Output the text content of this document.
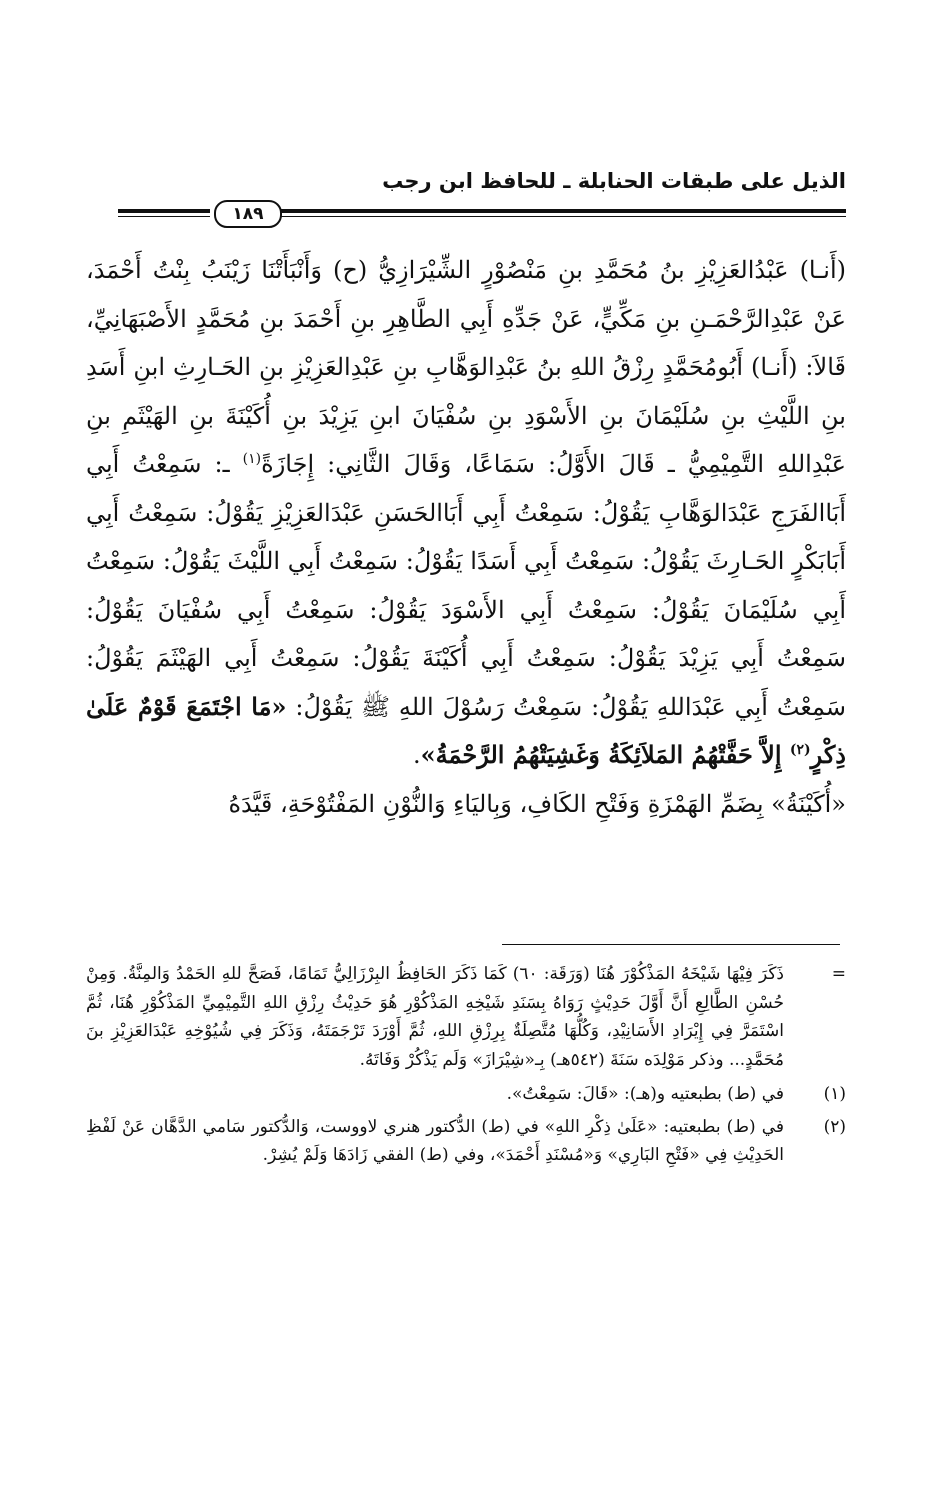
الذيل على طبقات الحنابلة ـ للحافظ ابن رجب
١٨٩

(أَنـا) عَبْدُالعَزِيْزِ بنُ مُحَمَّدِ بنِ مَنْصُوْرٍ الشِّيْرَازِيُّ (ح) وَأَنْبَأَتْنَا زَيْنَبُ بِنْتُ أَحْمَدَ، عَنْ عَبْدِالرَّحْمَـنِ بنِ مَكِّيٍّ، عَنْ جَدِّهِ أَبِي الطَّاهِرِ بنِ أَحْمَدَ بنِ مُحَمَّدٍ الأَصْبَهَانِيِّ، قَالاَ: (أَنـا) أَبُومُحَمَّدٍ رِزْقُ اللهِ بنُ عَبْدِالوَهَّابِ بنِ عَبْدِالعَزِيْزِ بنِ الحَـارِثِ ابنِ أَسَدِ بنِ اللَّيْثِ بنِ سُلَيْمَانَ بنِ الأَسْوَدِ بنِ سُفْيَانَ ابنِ يَزِيْدَ بنِ أُكَيْنَةَ بنِ الهَيْثَمِ بنِ عَبْدِاللهِ التَّمِيْمِيُّ ـ قَالَ الأَوَّلُ: سَمَاعًا، وَقَالَ الثَّانِي: إِجَازَةً$^{(١)}$ ـ: سَمِعْتُ أَبِي أَبَاالفَرَجِ عَبْدَالوَهَّابِ يَقُوْلُ: سَمِعْتُ أَبِي أَبَاالحَسَنِ عَبْدَالعَزِيْزِ يَقُوْلُ: سَمِعْتُ أَبِي أَبَابَكْرٍ الحَـارِثَ يَقُوْلُ: سَمِعْتُ أَبِي أَسَدًا يَقُوْلُ: سَمِعْتُ أَبِي اللَّيْثَ يَقُوْلُ: سَمِعْتُ أَبِي سُلَيْمَانَ يَقُوْلُ: سَمِعْتُ أَبِي الأَسْوَدَ يَقُوْلُ: سَمِعْتُ أَبِي سُفْيَانَ يَقُوْلُ: سَمِعْتُ أَبِي يَزِيْدَ يَقُوْلُ: سَمِعْتُ أَبِي أُكَيْنَةَ يَقُوْلُ: سَمِعْتُ أَبِي الهَيْثَمَ يَقُوْلُ: سَمِعْتُ أَبِي عَبْدَاللهِ يَقُوْلُ: سَمِعْتُ رَسُوْلَ اللهِ ﷺ يَقُوْلُ: «مَا اجْتَمَعَ قَوْمٌ عَلَىٰ ذِكْرٍ$^{(٢)}$ إِلاَّ حَفَّتْهُمُ المَلاَئِكَةُ وَغَشِيَتْهُمُ الرَّحْمَةُ».

«أُكَيْنَةُ» بِضَمِّ الهَمْزَةِ وَفَتْحِ الكَافِ، وَبِاليَاءِ وَالنُّوْنِ المَفْتُوْحَةِ، قَيَّدَهُ

=
ذَكَرَ فِيْهَا شَيْخَهُ المَذْكُوْرَ هُنَا (وَرَقَة: ٦٠) كَمَا ذَكَرَ الحَافِظُ البِرْزَالِيُّ تَمَامًا، فَصَحَّ للهِ الحَمْدُ وَالمِنَّةُ. وَمِنْ حُسْنِ الطَّالِعِ أَنَّ أَوَّلَ حَدِيْثٍ رَوَاهُ بِسَنَدِ شَيْخِهِ المَذْكُوْرِ هُوَ حَدِيْثُ رِزْقِ اللهِ التَّمِيْمِيِّ المَذْكُوْرِ هُنَا، ثُمَّ اسْتَمَرَّ فِي إِيْرَادِ الأَسَانِيْدِ، وَكُلُّهَا مُتَّصِلَةٌ بِرِزْقِ اللهِ، ثُمَّ أَوْرَدَ تَرْجَمَتَهُ، وَذَكَرَ فِي شُيُوْخِهِ عَبْدَالعَزِيْزِ بنَ مُحَمَّدٍ... وذكر مَوْلِدَه سَنَةَ (٥٤٢هـ) بِـ«شِيْرَازَ» وَلَم يَذْكُرْ وَفَاتَهُ.
(١)
في (ط) بطبعتيه و(هـ): «قَالَ: سَمِعْتُ».
(٢)
في (ط) بطبعتيه: «عَلَىٰ ذِكْرِ اللهِ» في (ط) الدُّكتور هنري لاووست، وَالدُّكتور سَامي الدَّهَّان عَنْ لَفْظِ الحَدِيْثِ فِي «فَتْحِ البَارِي» وَ«مُسْنَدِ أَحْمَدَ»، وفي (ط) الفقي زَادَهَا وَلَمْ يُشِرْ.
